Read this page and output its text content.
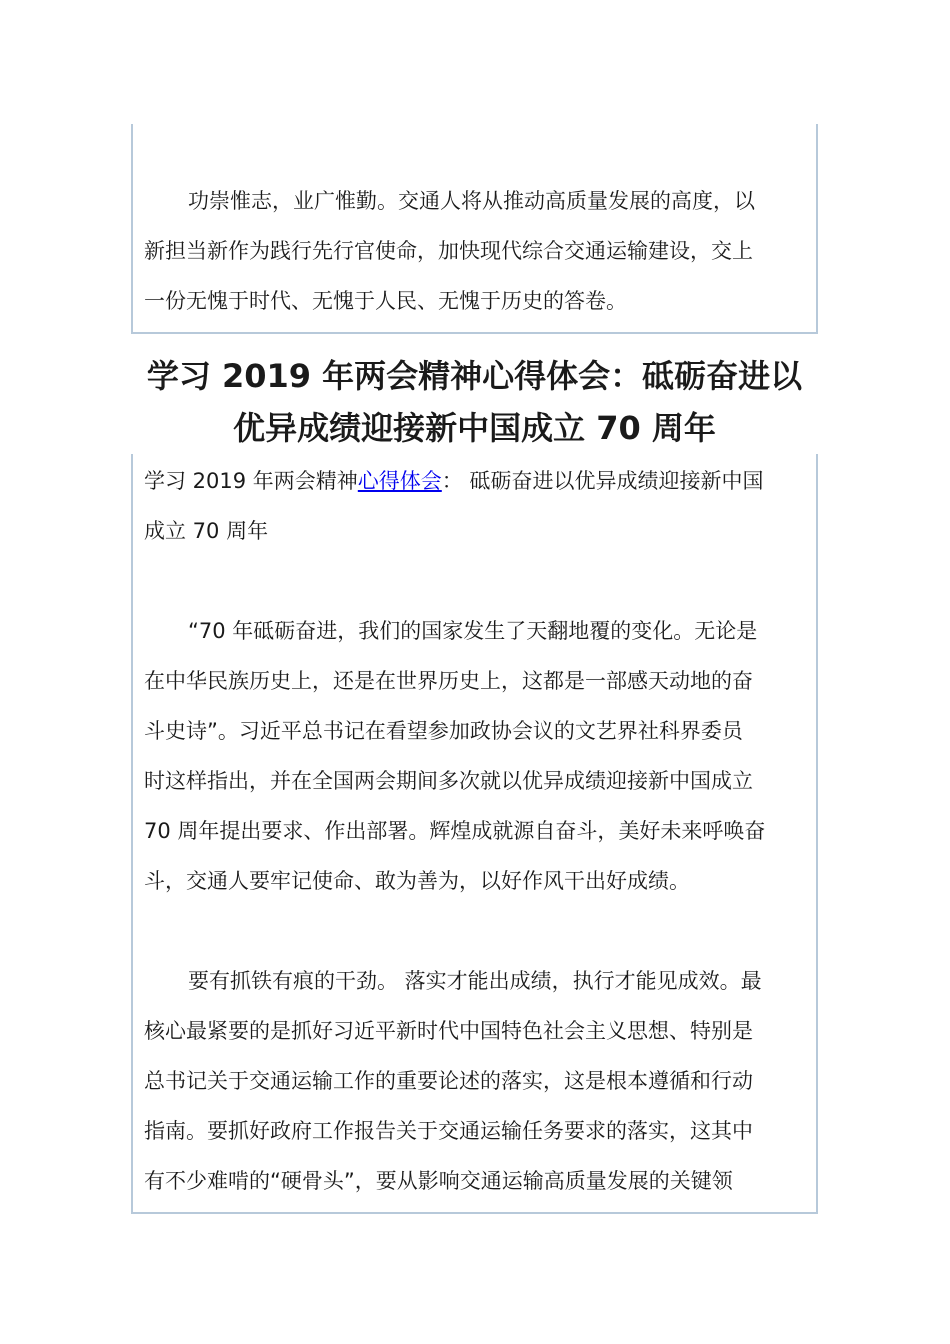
功崇惟志，业广惟勤。交通人将从推动高质量发展的高度，以
新担当新作为践行先行官使命，加快现代综合交通运输建设，交上
一份无愧于时代、无愧于人民、无愧于历史的答卷。

学习 2019 年两会精神心得体会：砥砺奋进以
优异成绩迎接新中国成立 70 周年

学习 2019 年两会精神心得体会： 砥砺奋进以优异成绩迎接新中国
成立 70 周年

“70 年砥砺奋进，我们的国家发生了天翻地覆的变化。无论是
在中华民族历史上，还是在世界历史上，这都是一部感天动地的奋
斗史诗”。习近平总书记在看望参加政协会议的文艺界社科界委员
时这样指出，并在全国两会期间多次就以优异成绩迎接新中国成立
70 周年提出要求、作出部署。辉煌成就源自奋斗，美好未来呼唤奋
斗，交通人要牢记使命、敢为善为，以好作风干出好成绩。

要有抓铁有痕的干劲。 落实才能出成绩，执行才能见成效。最
核心最紧要的是抓好习近平新时代中国特色社会主义思想、特别是
总书记关于交通运输工作的重要论述的落实，这是根本遵循和行动
指南。要抓好政府工作报告关于交通运输任务要求的落实，这其中
有不少难啃的“硬骨头”，要从影响交通运输高质量发展的关键领
